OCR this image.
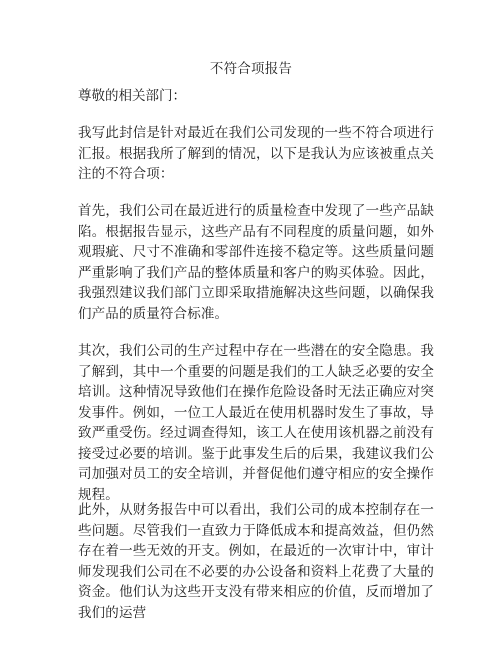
不符合项报告
尊敬的相关部门：
我写此封信是针对最近在我们公司发现的一些不符合项进行汇报。根据我所了解到的情况，以下是我认为应该被重点关注的不符合项：
首先，我们公司在最近进行的质量检查中发现了一些产品缺陷。根据报告显示，这些产品有不同程度的质量问题，如外观瑕疵、尺寸不准确和零部件连接不稳定等。这些质量问题严重影响了我们产品的整体质量和客户的购买体验。因此，我强烈建议我们部门立即采取措施解决这些问题，以确保我们产品的质量符合标准。
其次，我们公司的生产过程中存在一些潜在的安全隐患。我了解到，其中一个重要的问题是我们的工人缺乏必要的安全培训。这种情况导致他们在操作危险设备时无法正确应对突发事件。例如，一位工人最近在使用机器时发生了事故，导致严重受伤。经过调查得知，该工人在使用该机器之前没有接受过必要的培训。鉴于此事发生后的后果，我建议我们公司加强对员工的安全培训，并督促他们遵守相应的安全操作规程。
此外，从财务报告中可以看出，我们公司的成本控制存在一些问题。尽管我们一直致力于降低成本和提高效益，但仍然存在着一些无效的开支。例如，在最近的一次审计中，审计师发现我们公司在不必要的办公设备和资料上花费了大量的资金。他们认为这些开支没有带来相应的价值，反而增加了我们的运营
